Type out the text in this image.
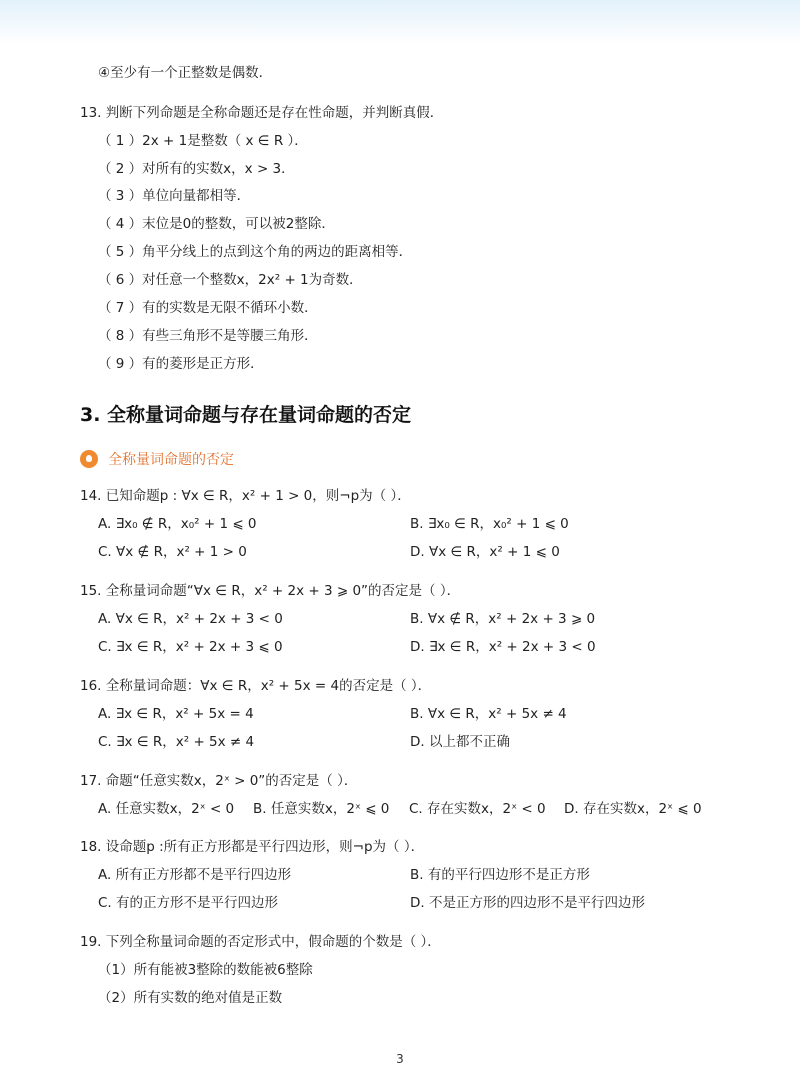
④至少有一个正整数是偶数．
13. 判断下列命题是全称命题还是存在性命题，并判断真假．
（ 1 ）2x + 1是整数（ x ∈ R ）．
（ 2 ）对所有的实数x，x > 3．
（ 3 ）单位向量都相等．
（ 4 ）末位是0的整数，可以被2整除．
（ 5 ）角平分线上的点到这个角的两边的距离相等．
（ 6 ）对任意一个整数x，2x² + 1为奇数．
（ 7 ）有的实数是无限不循环小数．
（ 8 ）有些三角形不是等腰三角形．
（ 9 ）有的菱形是正方形．
3. 全称量词命题与存在量词命题的否定
全称量词命题的否定
14. 已知命题p : ∀x ∈ R，x² + 1 > 0，则¬p为（ ）．
A. ∃x₀ ∉ R，x₀² + 1 ⩽ 0	B. ∃x₀ ∈ R，x₀² + 1 ⩽ 0
C. ∀x ∉ R，x² + 1 > 0	D. ∀x ∈ R，x² + 1 ⩽ 0
15. 全称量词命题“∀x ∈ R，x² + 2x + 3 ⩾ 0”的否定是（ ）．
A. ∀x ∈ R，x² + 2x + 3 < 0	B. ∀x ∉ R，x² + 2x + 3 ⩾ 0
C. ∃x ∈ R，x² + 2x + 3 ⩽ 0	D. ∃x ∈ R，x² + 2x + 3 < 0
16. 全称量词命题：∀x ∈ R，x² + 5x = 4的否定是（ ）．
A. ∃x ∈ R，x² + 5x = 4	B. ∀x ∈ R，x² + 5x ≠ 4
C. ∃x ∈ R，x² + 5x ≠ 4	D. 以上都不正确
17. 命题“任意实数x，2ˣ > 0”的否定是（ ）．
A. 任意实数x，2ˣ < 0 B. 任意实数x，2ˣ ⩽ 0 C. 存在实数x，2ˣ < 0 D. 存在实数x，2ˣ ⩽ 0
18. 设命题p :所有正方形都是平行四边形，则¬p为（ ）．
A. 所有正方形都不是平行四边形	B. 有的平行四边形不是正方形
C. 有的正方形不是平行四边形	D. 不是正方形的四边形不是平行四边形
19. 下列全称量词命题的否定形式中，假命题的个数是（ ）．
（1）所有能被3整除的数能被6整除
（2）所有实数的绝对值是正数
3
